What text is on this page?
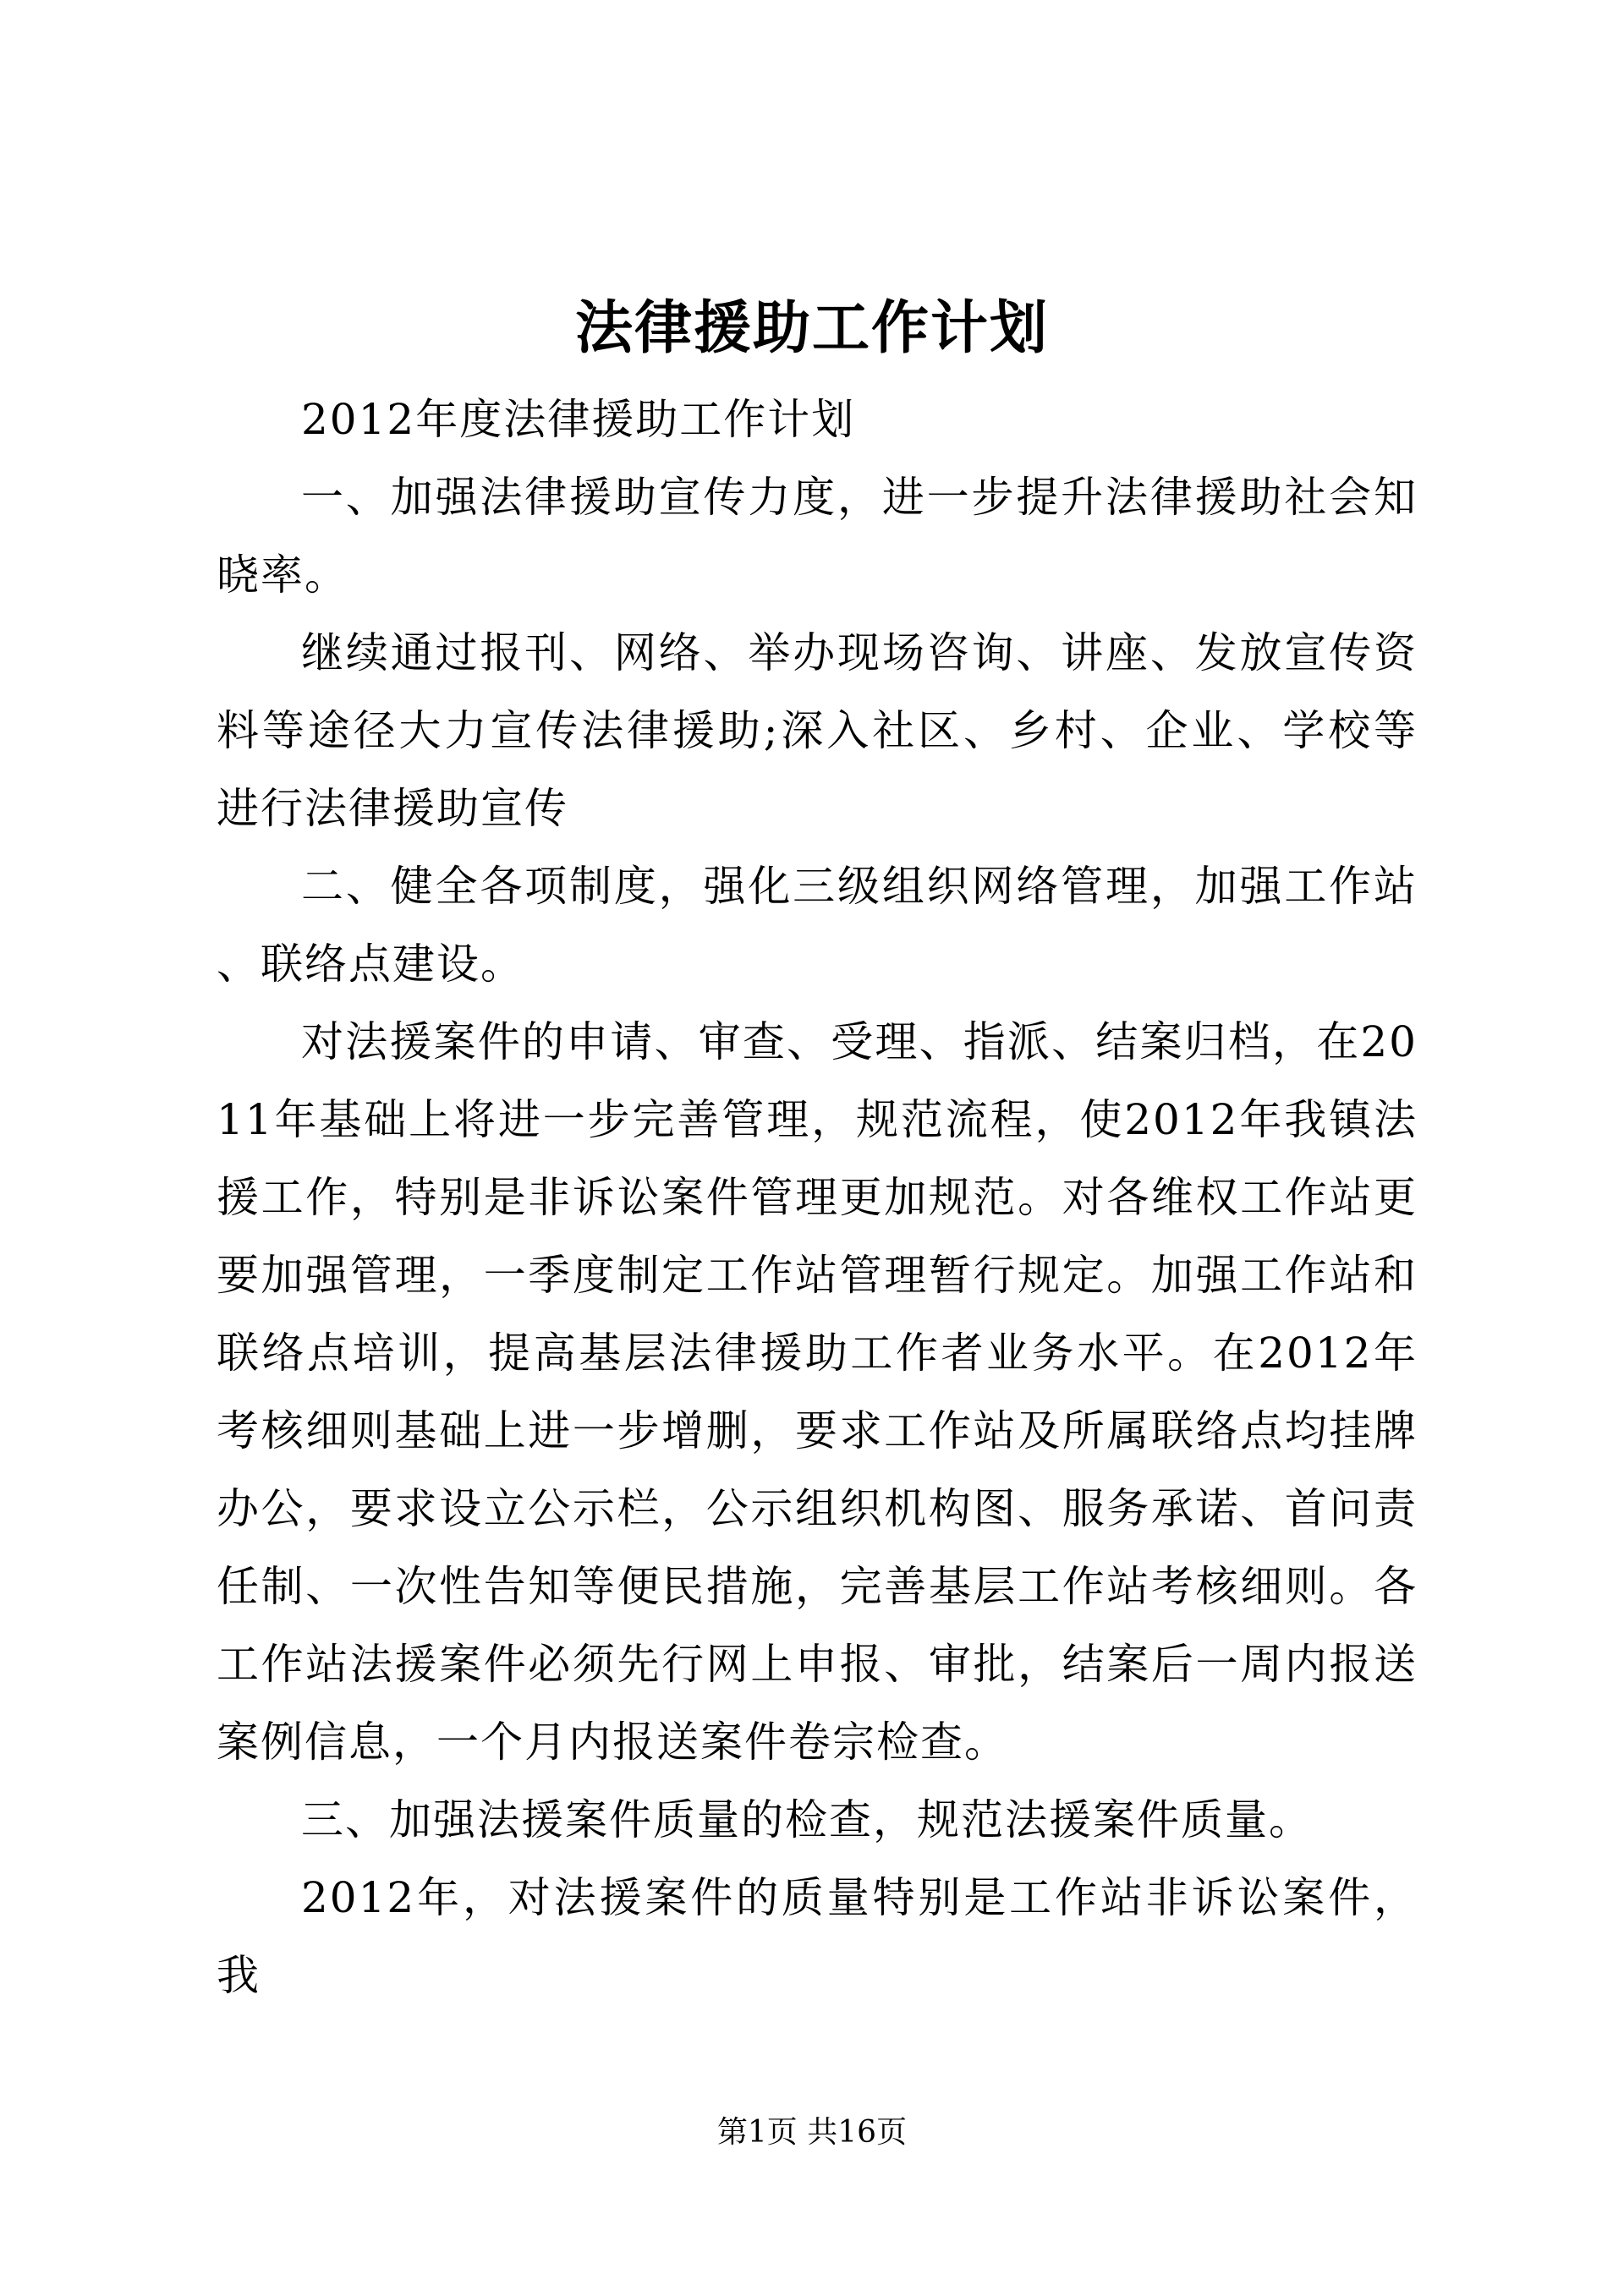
法律援助工作计划

2012年度法律援助工作计划

一、加强法律援助宣传力度，进一步提升法律援助社会知晓率。

继续通过报刊、网络、举办现场咨询、讲座、发放宣传资料等途径大力宣传法律援助;深入社区、乡村、企业、学校等进行法律援助宣传

二、健全各项制度，强化三级组织网络管理，加强工作站、联络点建设。

对法援案件的申请、审查、受理、指派、结案归档，在2011年基础上将进一步完善管理，规范流程，使2012年我镇法援工作，特别是非诉讼案件管理更加规范。对各维权工作站更要加强管理，一季度制定工作站管理暂行规定。加强工作站和联络点培训，提高基层法律援助工作者业务水平。在2012年考核细则基础上进一步增删，要求工作站及所属联络点均挂牌办公，要求设立公示栏，公示组织机构图、服务承诺、首问责任制、一次性告知等便民措施，完善基层工作站考核细则。各工作站法援案件必须先行网上申报、审批，结案后一周内报送案例信息，一个月内报送案件卷宗检查。

三、加强法援案件质量的检查，规范法援案件质量。

2012年，对法援案件的质量特别是工作站非诉讼案件，我

第1页 共16页
